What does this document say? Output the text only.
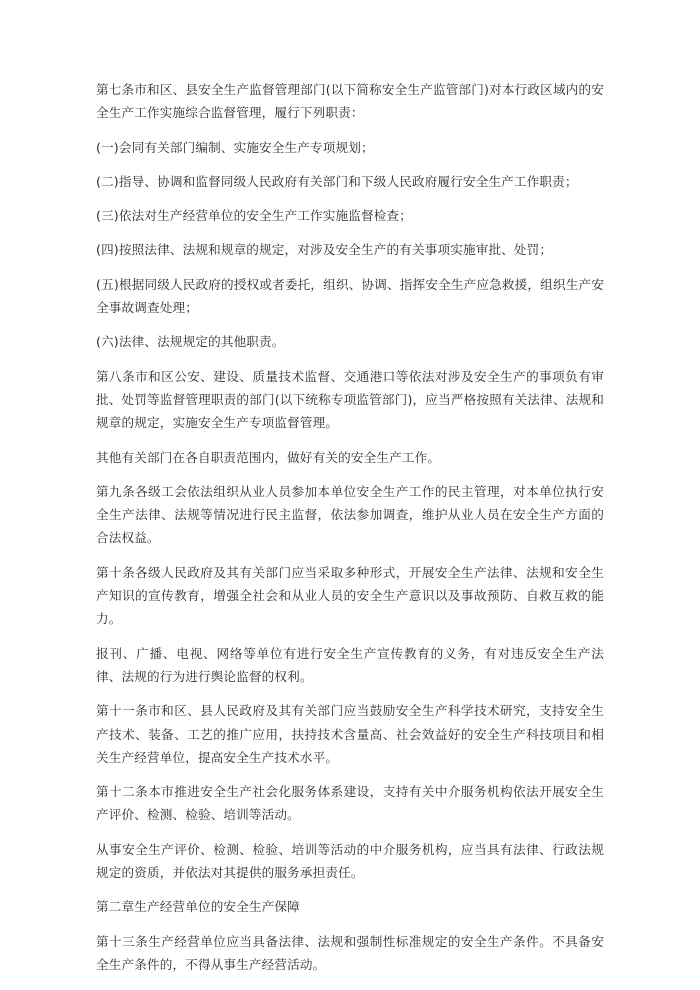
第七条市和区、县安全生产监督管理部门(以下简称安全生产监管部门)对本行政区域内的安全生产工作实施综合监督管理，履行下列职责：

(一)会同有关部门编制、实施安全生产专项规划；

(二)指导、协调和监督同级人民政府有关部门和下级人民政府履行安全生产工作职责；

(三)依法对生产经营单位的安全生产工作实施监督检查；

(四)按照法律、法规和规章的规定，对涉及安全生产的有关事项实施审批、处罚；

(五)根据同级人民政府的授权或者委托，组织、协调、指挥安全生产应急救援，组织生产安全事故调查处理；

(六)法律、法规规定的其他职责。

第八条市和区公安、建设、质量技术监督、交通港口等依法对涉及安全生产的事项负有审批、处罚等监督管理职责的部门(以下统称专项监管部门)，应当严格按照有关法律、法规和规章的规定，实施安全生产专项监督管理。

其他有关部门在各自职责范围内，做好有关的安全生产工作。

第九条各级工会依法组织从业人员参加本单位安全生产工作的民主管理，对本单位执行安全生产法律、法规等情况进行民主监督，依法参加调查，维护从业人员在安全生产方面的合法权益。

第十条各级人民政府及其有关部门应当采取多种形式，开展安全生产法律、法规和安全生产知识的宣传教育，增强全社会和从业人员的安全生产意识以及事故预防、自救互救的能力。

报刊、广播、电视、网络等单位有进行安全生产宣传教育的义务，有对违反安全生产法律、法规的行为进行舆论监督的权利。

第十一条市和区、县人民政府及其有关部门应当鼓励安全生产科学技术研究，支持安全生产技术、装备、工艺的推广应用，扶持技术含量高、社会效益好的安全生产科技项目和相关生产经营单位，提高安全生产技术水平。

第十二条本市推进安全生产社会化服务体系建设，支持有关中介服务机构依法开展安全生产评价、检测、检验、培训等活动。

从事安全生产评价、检测、检验、培训等活动的中介服务机构，应当具有法律、行政法规规定的资质，并依法对其提供的服务承担责任。

第二章生产经营单位的安全生产保障

第十三条生产经营单位应当具备法律、法规和强制性标准规定的安全生产条件。不具备安全生产条件的，不得从事生产经营活动。
